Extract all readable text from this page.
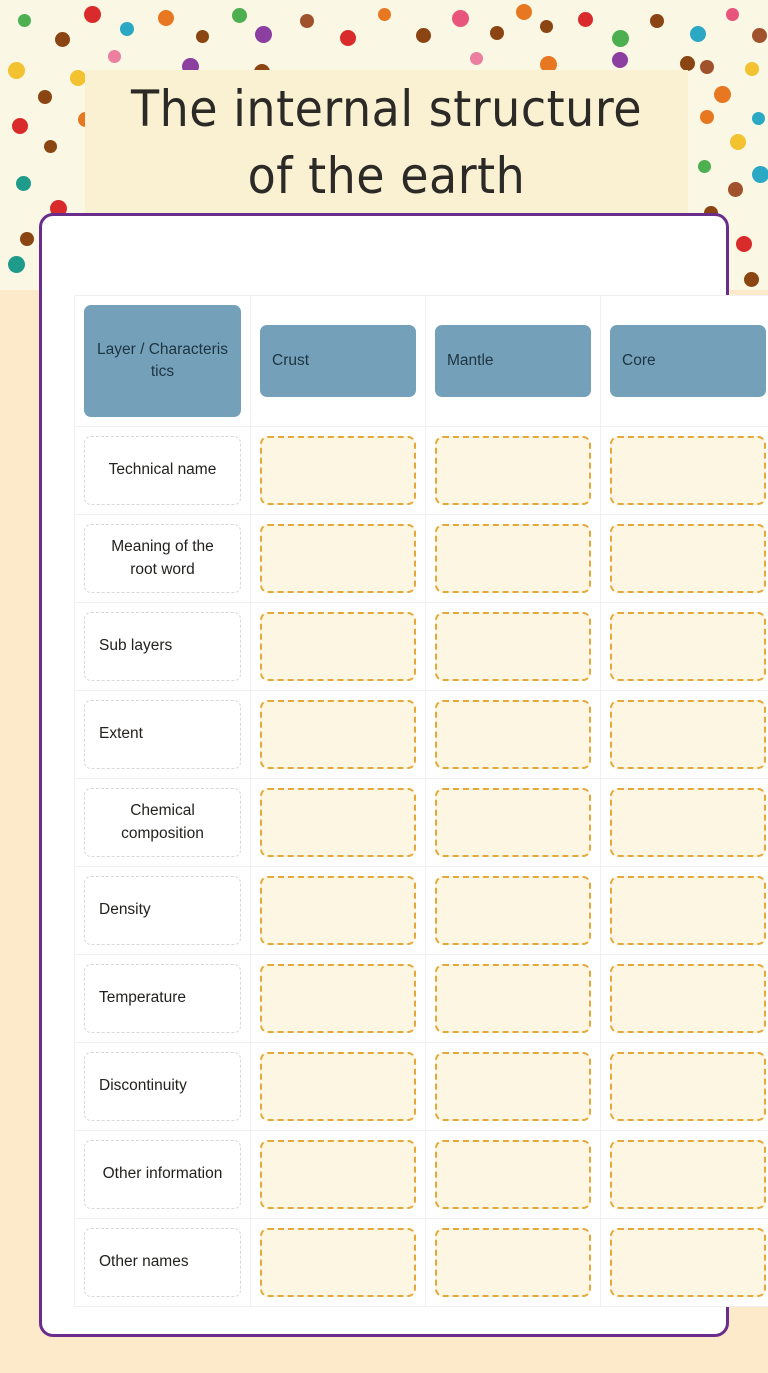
The internal structure
of the earth
Layer / Characteristics	Crust	Mantle	Core

Technical name			

Meaning of the root word			

Sub layers			

Extent			

Chemical composition			

Density			

Temperature			

Discontinuity			

Other information			

Other names			
